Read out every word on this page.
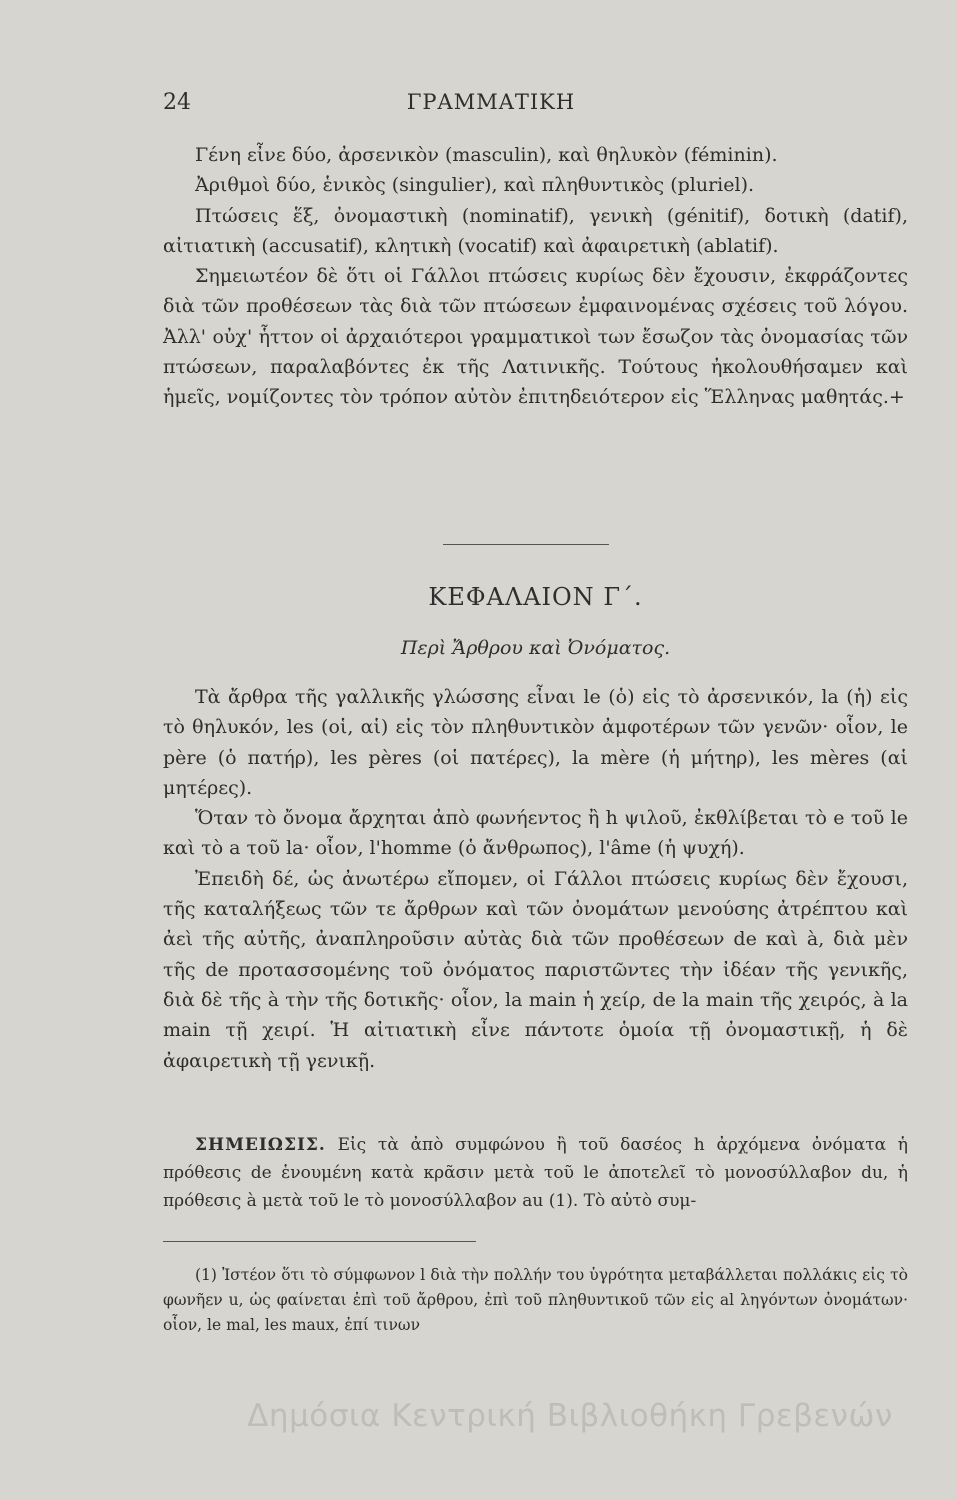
24	ΓΡΑΜΜΑΤΙΚΗ

Γένη εἶνε δύο, ἀρσενικὸν (masculin), καὶ θηλυκὸν (féminin).

Ἀριθμοὶ δύο, ἑνικὸς (singulier), καὶ πληθυντικὸς (pluriel).

Πτώσεις ἕξ, ὀνομαστικὴ (nominatif), γενικὴ (génitif), δοτικὴ (datif), αἰτιατικὴ (accusatif), κλητικὴ (vocatif) καὶ ἀφαιρετικὴ (ablatif).

Σημειωτέον δὲ ὅτι οἱ Γάλλοι πτώσεις κυρίως δὲν ἔχουσιν, ἐκφράζοντες διὰ τῶν προθέσεων τὰς διὰ τῶν πτώσεων ἐμφαινομένας σχέσεις τοῦ λόγου. Ἀλλ' οὐχ' ἧττον οἱ ἀρχαιότεροι γραμματικοὶ των ἔσωζον τὰς ὀνομασίας τῶν πτώσεων, παραλαβόντες ἐκ τῆς Λατινικῆς. Τούτους ἠκολουθήσαμεν καὶ ἡμεῖς, νομίζοντες τὸν τρόπον αὐτὸν ἐπιτηδειότερον εἰς Ἕλληνας μαθητάς.+

ΚΕΦΑΛΑΙΟΝ Γ΄.
Περὶ Ἄρθρου καὶ Ὀνόματος.

Τὰ ἄρθρα τῆς γαλλικῆς γλώσσης εἶναι le (ὁ) εἰς τὸ ἀρσενικόν, la (ἡ) εἰς τὸ θηλυκόν, les (οἱ, αἱ) εἰς τὸν πληθυντικὸν ἀμφοτέρων τῶν γενῶν· οἷον, le père (ὁ πατήρ), les pères (οἱ πατέρες), la mère (ἡ μήτηρ), les mères (αἱ μητέρες).

Ὅταν τὸ ὄνομα ἄρχηται ἀπὸ φωνήεντος ἢ h ψιλοῦ, ἐκθλίβεται τὸ e τοῦ le καὶ τὸ a τοῦ la· οἷον, l'homme (ὁ ἄνθρωπος), l'âme (ἡ ψυχή).

Ἐπειδὴ δέ, ὡς ἀνωτέρω εἴπομεν, οἱ Γάλλοι πτώσεις κυρίως δὲν ἔχουσι, τῆς καταλήξεως τῶν τε ἄρθρων καὶ τῶν ὀνομάτων μενούσης ἀτρέπτου καὶ ἀεὶ τῆς αὐτῆς, ἀναπληροῦσιν αὐτὰς διὰ τῶν προθέσεων de καὶ à, διὰ μὲν τῆς de προτασσομένης τοῦ ὀνόματος παριστῶντες τὴν ἰδέαν τῆς γενικῆς, διὰ δὲ τῆς à τὴν τῆς δοτικῆς· οἷον, la main ἡ χείρ, de la main τῆς χειρός, à la main τῇ χειρί. Ἡ αἰτιατικὴ εἶνε πάντοτε ὁμοία τῇ ὀνομαστικῇ, ἡ δὲ ἀφαιρετικὴ τῇ γενικῇ.

ΣΗΜΕΙΩΣΙΣ. Εἰς τὰ ἀπὸ συμφώνου ἢ τοῦ δασέος h ἀρχόμενα ὀνόματα ἡ πρόθεσις de ἑνουμένη κατὰ κρᾶσιν μετὰ τοῦ le ἀποτελεῖ τὸ μονοσύλλαβον du, ἡ πρόθεσις à μετὰ τοῦ le τὸ μονοσύλλαβον au (1). Τὸ αὐτὸ συμ-

(1) Ἰστέον ὅτι τὸ σύμφωνον l διὰ τὴν πολλήν του ὑγρότητα μεταβάλλεται πολλάκις εἰς τὸ φωνῆεν u, ὡς φαίνεται ἐπὶ τοῦ ἄρθρου, ἐπὶ τοῦ πληθυντικοῦ τῶν εἰς al ληγόντων ὀνομάτων· οἷον, le mal, les maux, ἐπί τινων

Δημόσια Κεντρική Βιβλιοθήκη Γρεβενών
